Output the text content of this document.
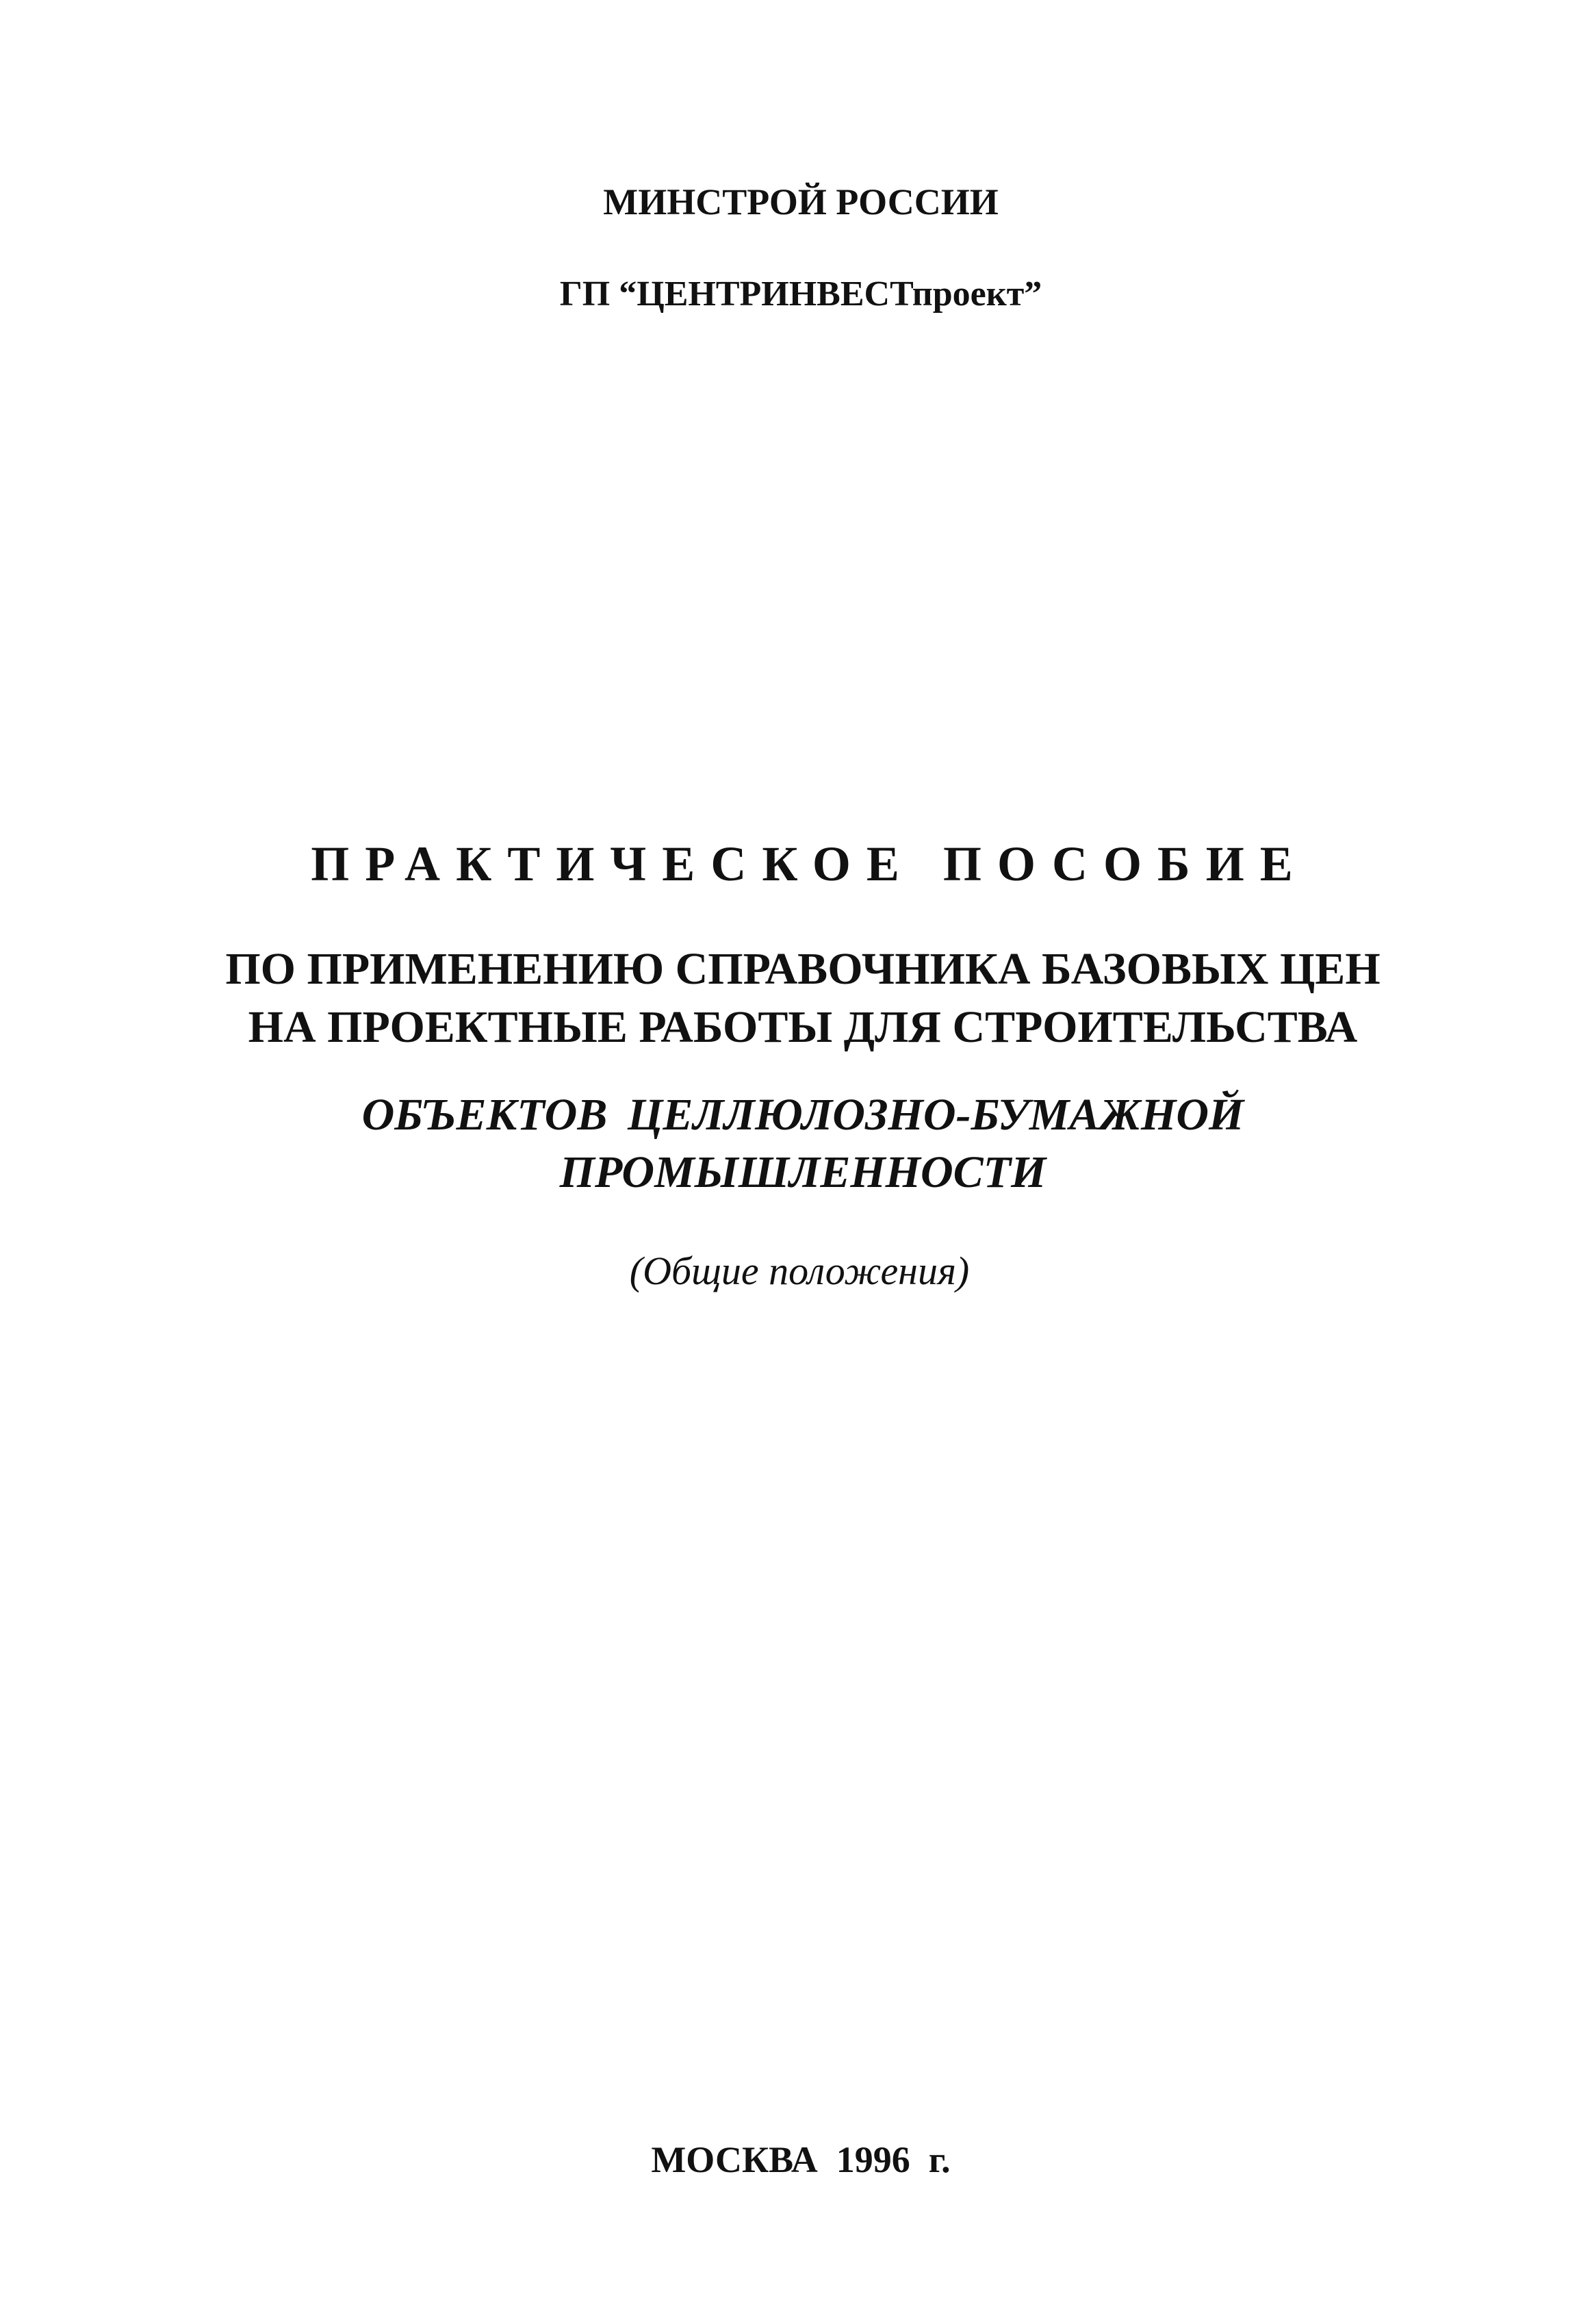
МИНСТРОЙ РОССИИ
ГП “ЦЕНТРИНВЕСТпроект”
ПРАКТИЧЕСКОЕ ПОСОБИЕ
ПО ПРИМЕНЕНИЮ СПРАВОЧНИКА БАЗОВЫХ ЦЕН
НА ПРОЕКТНЫЕ РАБОТЫ ДЛЯ СТРОИТЕЛЬСТВА
ОБЪЕКТОВ ЦЕЛЛЮЛОЗНО-БУМАЖНОЙ
ПРОМЫШЛЕННОСТИ
(Общие положения)
МОСКВА 1996 г.
